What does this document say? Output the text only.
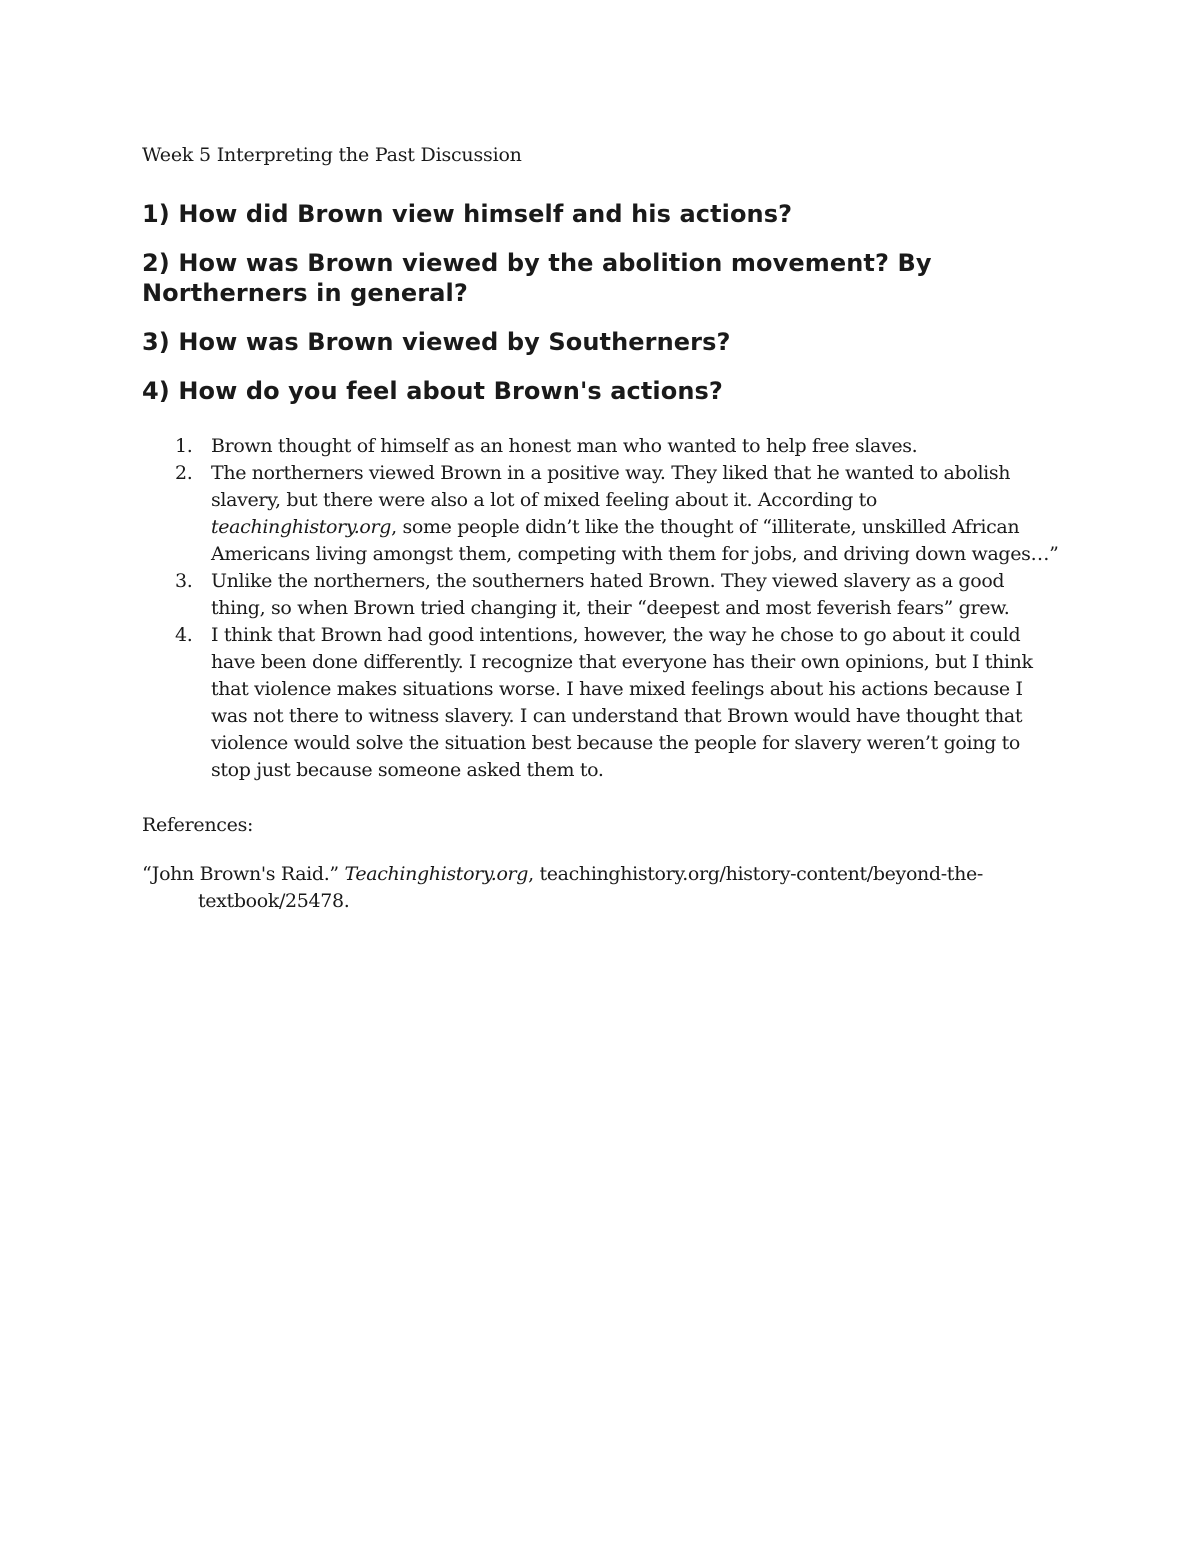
Week 5 Interpreting the Past Discussion

1) How did Brown view himself and his actions?

2) How was Brown viewed by the abolition movement? By Northerners in general?

3) How was Brown viewed by Southerners?

4) How do you feel about Brown's actions?

1. Brown thought of himself as an honest man who wanted to help free slaves.
2. The northerners viewed Brown in a positive way. They liked that he wanted to abolish slavery, but there were also a lot of mixed feeling about it. According to teachinghistory.org, some people didn’t like the thought of “illiterate, unskilled African Americans living amongst them, competing with them for jobs, and driving down wages…”
3. Unlike the northerners, the southerners hated Brown. They viewed slavery as a good thing, so when Brown tried changing it, their “deepest and most feverish fears” grew.
4. I think that Brown had good intentions, however, the way he chose to go about it could have been done differently. I recognize that everyone has their own opinions, but I think that violence makes situations worse. I have mixed feelings about his actions because I was not there to witness slavery. I can understand that Brown would have thought that violence would solve the situation best because the people for slavery weren’t going to stop just because someone asked them to.

References:

“John Brown's Raid.” Teachinghistory.org, teachinghistory.org/history-content/beyond-the-textbook/25478.
